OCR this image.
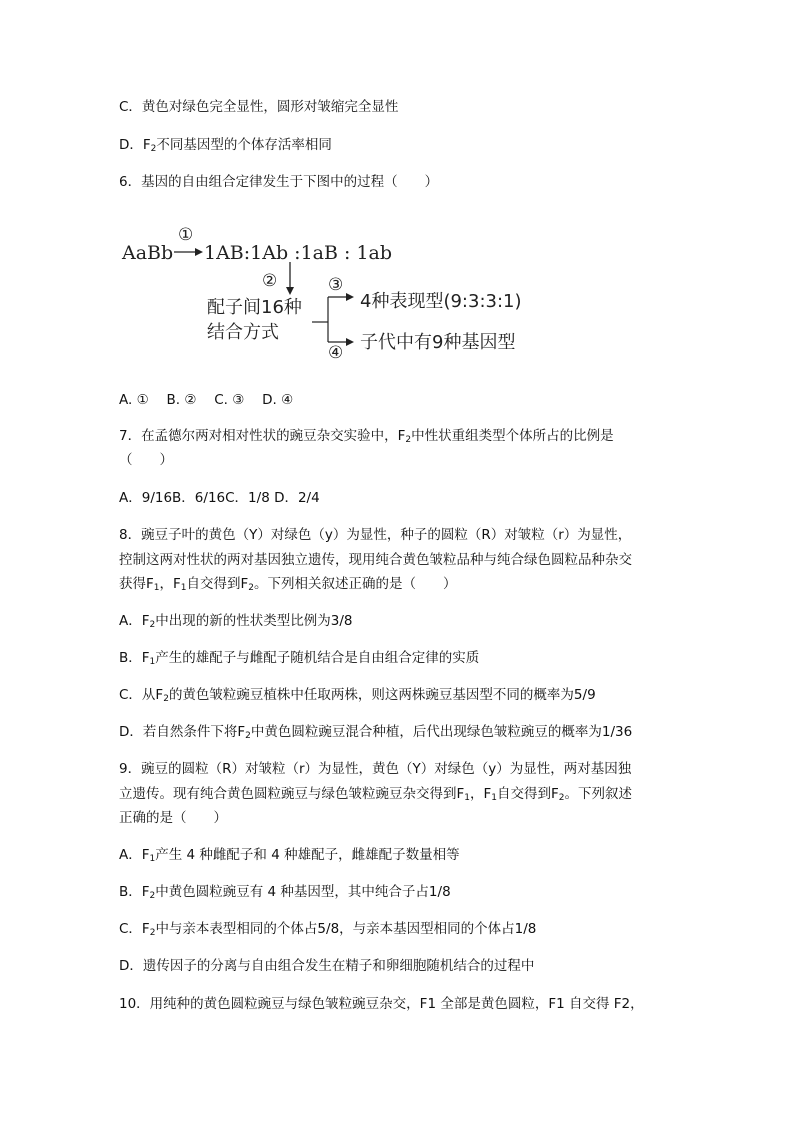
C．黄色对绿色完全显性，圆形对皱缩完全显性
D．$F_2$不同基因型的个体存活率相同
6．基因的自由组合定律发生于下图中的过程（　　）
AaBb
①
1AB:1Ab :1aB : 1ab
②
配子间16种
结合方式
③
④
4种表现型(9:3:3:1)
子代中有9种基因型
A. ①　 B. ②　 C. ③　 D. ④
7．在孟德尔两对相对性状的豌豆杂交实验中，$F_2$中性状重组类型个体所占的比例是
（　　）
A．9/16B．6/16C．1/8 D．2/4
8．豌豆子叶的黄色（Y）对绿色（y）为显性，种子的圆粒（R）对皱粒（r）为显性，
控制这两对性状的两对基因独立遗传，现用纯合黄色皱粒品种与纯合绿色圆粒品种杂交
获得$F_1$，$F_1$自交得到$F_2$。下列相关叙述正确的是（　　）
A．$F_2$中出现的新的性状类型比例为3/8
B．$F_1$产生的雄配子与雌配子随机结合是自由组合定律的实质
C．从$F_2$的黄色皱粒豌豆植株中任取两株，则这两株豌豆基因型不同的概率为5/9
D．若自然条件下将$F_2$中黄色圆粒豌豆混合种植，后代出现绿色皱粒豌豆的概率为1/36
9．豌豆的圆粒（R）对皱粒（r）为显性，黄色（Y）对绿色（y）为显性，两对基因独
立遗传。现有纯合黄色圆粒豌豆与绿色皱粒豌豆杂交得到$F_1$，$F_1$自交得到$F_2$。下列叙述
正确的是（　　）
A．$F_1$产生 4 种雌配子和 4 种雄配子，雌雄配子数量相等
B．$F_2$中黄色圆粒豌豆有 4 种基因型，其中纯合子占1/8
C．$F_2$中与亲本表型相同的个体占5/8，与亲本基因型相同的个体占1/8
D．遗传因子的分离与自由组合发生在精子和卵细胞随机结合的过程中
10．用纯种的黄色圆粒豌豆与绿色皱粒豌豆杂交，F1 全部是黄色圆粒，F1 自交得 F2，
